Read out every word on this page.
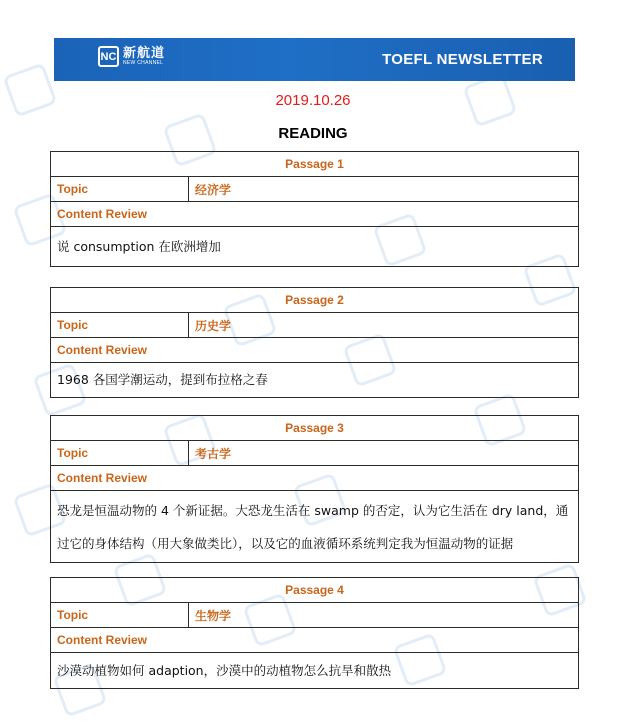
NC 新航道
NEW CHANNEL	TOEFL NEWSLETTER
2019.10.26
READING
Passage 1
Topic	经济学
Content Review
说 consumption 在欧洲增加
Passage 2
Topic	历史学
Content Review
1968 各国学潮运动，提到布拉格之春
Passage 3
Topic	考古学
Content Review
恐龙是恒温动物的 4 个新证据。大恐龙生活在 swamp 的否定，认为它生活在 dry land，通过它的身体结构（用大象做类比），以及它的血液循环系统判定我为恒温动物的证据
Passage 4
Topic	生物学
Content Review
沙漠动植物如何 adaption，沙漠中的动植物怎么抗旱和散热
